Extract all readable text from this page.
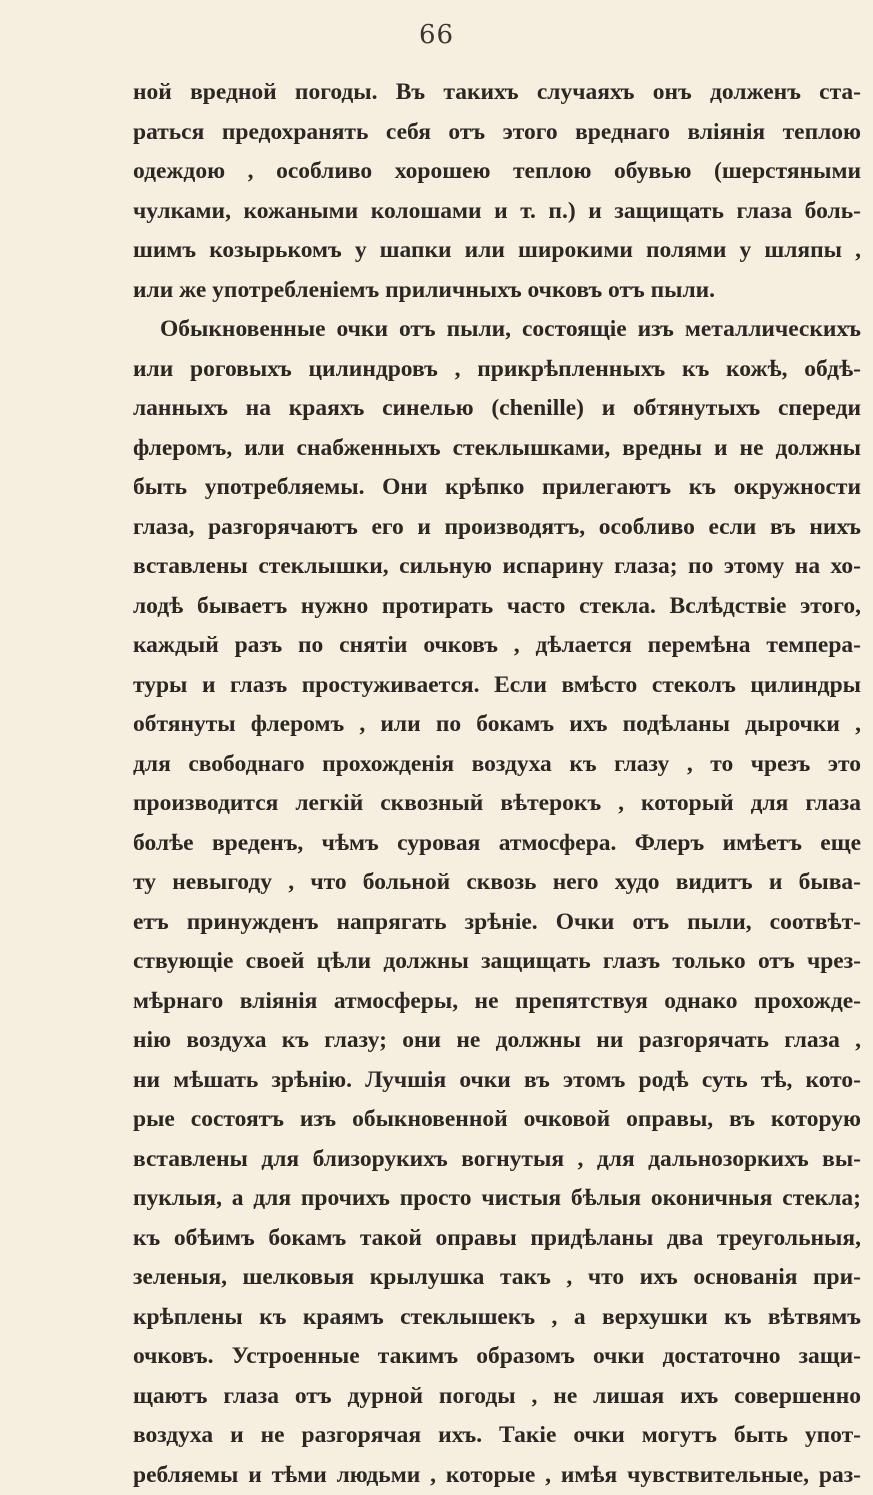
66
ной вредной погоды. Въ такихъ случаяхъ онъ долженъ ста-
раться предохранять себя отъ этого вреднаго вліянія теплою
одеждою , особливо хорошею теплою обувью (шерстяными
чулками, кожаными колошами и т. п.) и защищать глаза боль-
шимъ козырькомъ у шапки или широкими полями у шляпы ,
или же употребленіемъ приличныхъ очковъ отъ пыли.
Обыкновенные очки отъ пыли, состоящіе изъ металлическихъ
или роговыхъ цилиндровъ , прикрѣпленныхъ къ кожѣ, обдѣ-
ланныхъ на краяхъ синелью (chenille) и обтянутыхъ спереди
флеромъ, или снабженныхъ стеклышками, вредны и не должны
быть употребляемы. Они крѣпко прилегаютъ къ окружности
глаза, разгорячаютъ его и производятъ, особливо если въ нихъ
вставлены стеклышки, сильную испарину глаза; по этому на хо-
лодѣ бываетъ нужно протирать часто стекла. Вслѣдствіе этого,
каждый разъ по снятіи очковъ , дѣлается перемѣна темпера-
туры и глазъ простуживается. Если вмѣсто стеколъ цилиндры
обтянуты флеромъ , или по бокамъ ихъ подѣланы дырочки ,
для свободнаго прохожденія воздуха къ глазу , то чрезъ это
производится легкій сквозный вѣтерокъ , который для глаза
болѣе вреденъ, чѣмъ суровая атмосфера. Флеръ имѣетъ еще
ту невыгоду , что больной сквозь него худо видитъ и быва-
етъ принужденъ напрягать зрѣніе. Очки отъ пыли, соотвѣт-
ствующіе своей цѣли должны защищать глазъ только отъ чрез-
мѣрнаго вліянія атмосферы, не препятствуя однако прохожде-
нію воздуха къ глазу; они не должны ни разгорячать глаза ,
ни мѣшать зрѣнію. Лучшія очки въ этомъ родѣ суть тѣ, кото-
рые состоятъ изъ обыкновенной очковой оправы, въ которую
вставлены для близорукихъ вогнутыя , для дальнозоркихъ вы-
пуклыя, а для прочихъ просто чистыя бѣлыя оконичныя стекла;
къ обѣимъ бокамъ такой оправы придѣланы два треугольныя,
зеленыя, шелковыя крылушка такъ , что ихъ основанія при-
крѣплены къ краямъ стеклышекъ , а верхушки къ вѣтвямъ
очковъ. Устроенные такимъ образомъ очки достаточно защи-
щаютъ глаза отъ дурной погоды , не лишая ихъ совершенно
воздуха и не разгорячая ихъ. Такіе очки могутъ быть упот-
ребляемы и тѣми людьми , которые , имѣя чувствительные, раз-
